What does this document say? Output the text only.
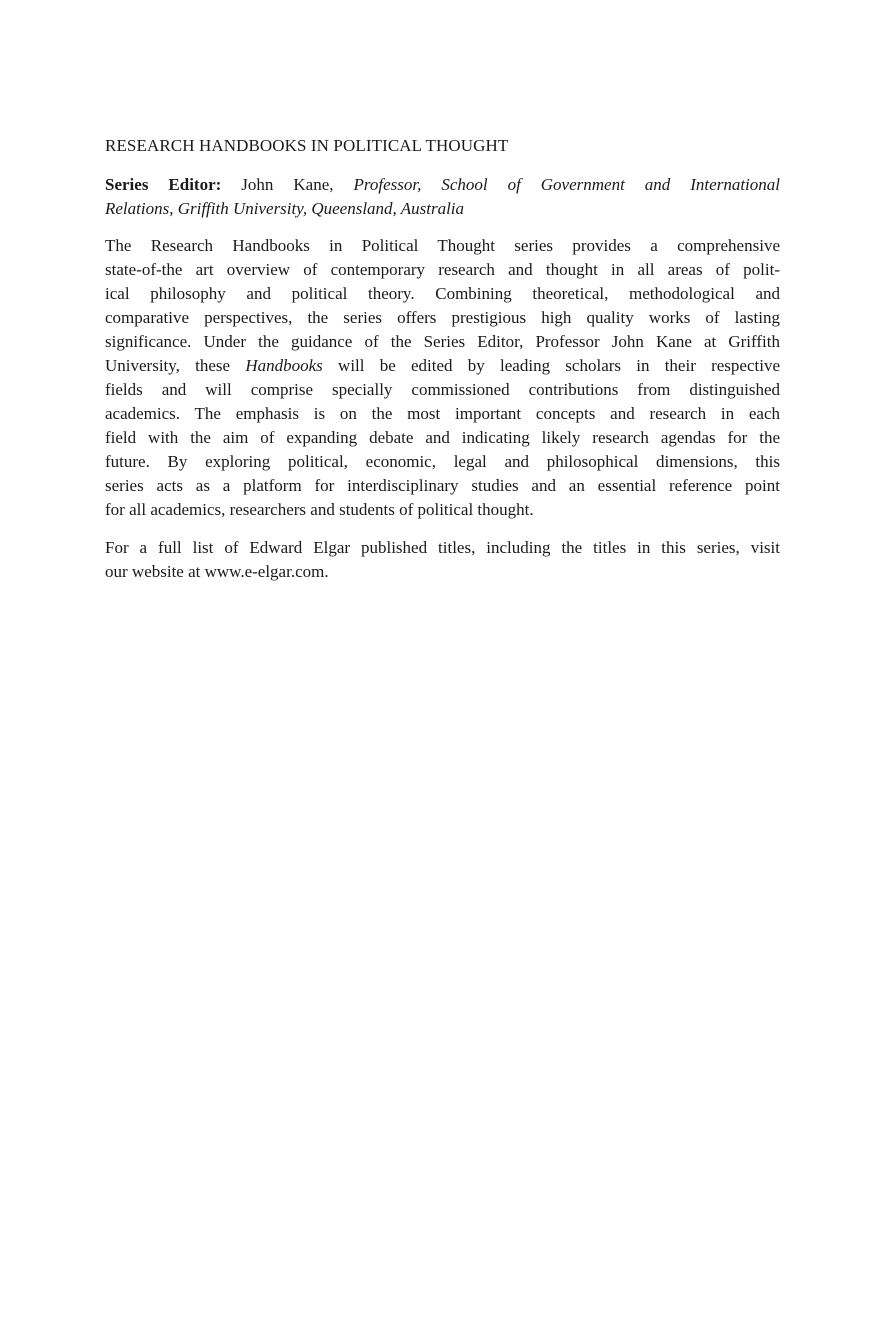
RESEARCH HANDBOOKS IN POLITICAL THOUGHT
Series Editor: John Kane, Professor, School of Government and International
Relations, Griffith University, Queensland, Australia
The Research Handbooks in Political Thought series provides a comprehensive
state-of-the art overview of contemporary research and thought in all areas of polit-
ical philosophy and political theory. Combining theoretical, methodological and
comparative perspectives, the series offers prestigious high quality works of lasting
significance. Under the guidance of the Series Editor, Professor John Kane at Griffith
University, these Handbooks will be edited by leading scholars in their respective
fields and will comprise specially commissioned contributions from distinguished
academics. The emphasis is on the most important concepts and research in each
field with the aim of expanding debate and indicating likely research agendas for the
future. By exploring political, economic, legal and philosophical dimensions, this
series acts as a platform for interdisciplinary studies and an essential reference point
for all academics, researchers and students of political thought.
For a full list of Edward Elgar published titles, including the titles in this series, visit
our website at www.e-elgar.com.
